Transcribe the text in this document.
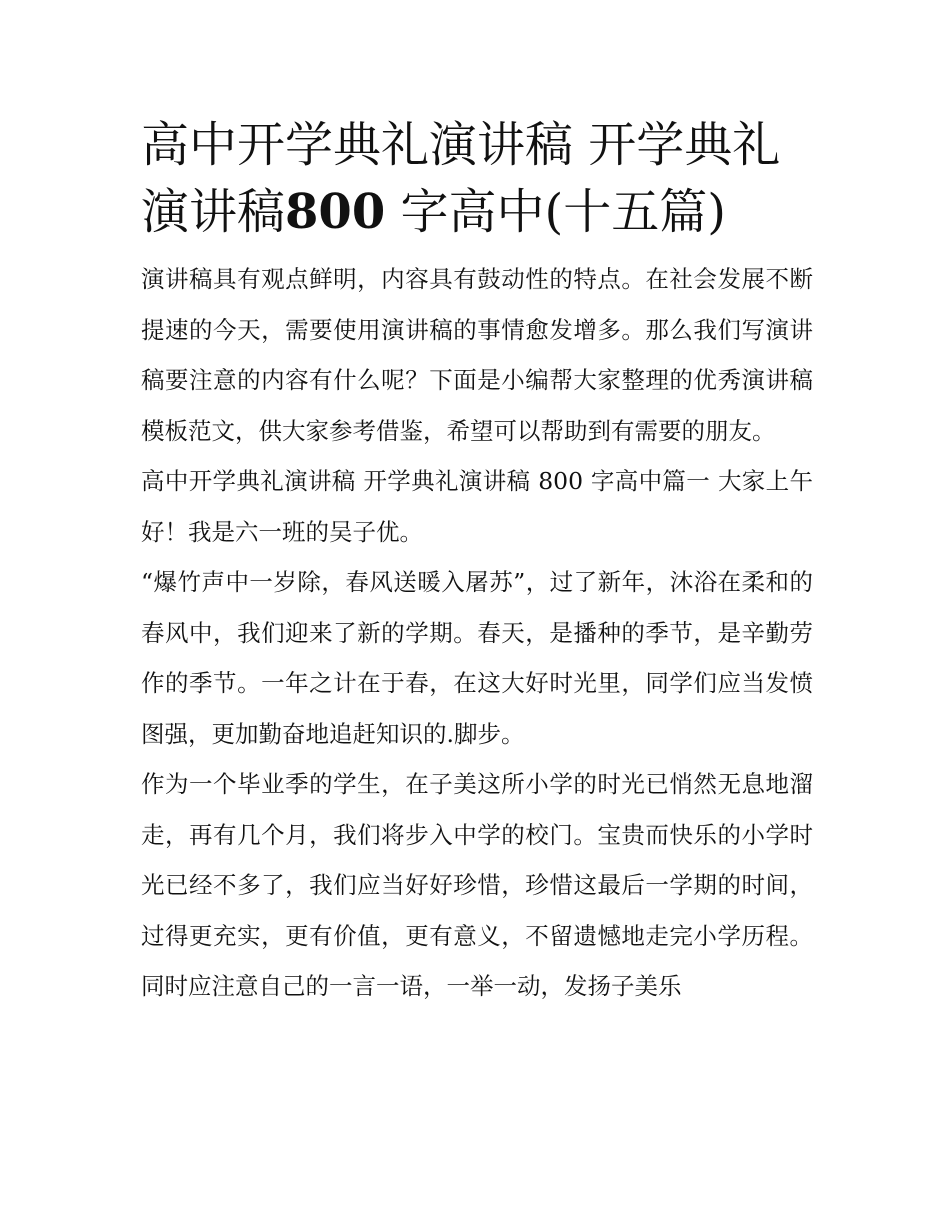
高中开学典礼演讲稿 开学典礼演讲稿800 字高中(十五篇)

演讲稿具有观点鲜明，内容具有鼓动性的特点。在社会发展不断提速的今天，需要使用演讲稿的事情愈发增多。那么我们写演讲稿要注意的内容有什么呢？下面是小编帮大家整理的优秀演讲稿模板范文，供大家参考借鉴，希望可以帮助到有需要的朋友。

高中开学典礼演讲稿 开学典礼演讲稿 800 字高中篇一 大家上午好！我是六一班的吴子优。

“爆竹声中一岁除，春风送暖入屠苏”，过了新年，沐浴在柔和的春风中，我们迎来了新的学期。春天，是播种的季节，是辛勤劳作的季节。一年之计在于春，在这大好时光里，同学们应当发愤图强，更加勤奋地追赶知识的.脚步。

作为一个毕业季的学生，在子美这所小学的时光已悄然无息地溜走，再有几个月，我们将步入中学的校门。宝贵而快乐的小学时光已经不多了，我们应当好好珍惜，珍惜这最后一学期的时间，过得更充实，更有价值，更有意义，不留遗憾地走完小学历程。同时应注意自己的一言一语，一举一动，发扬子美乐
